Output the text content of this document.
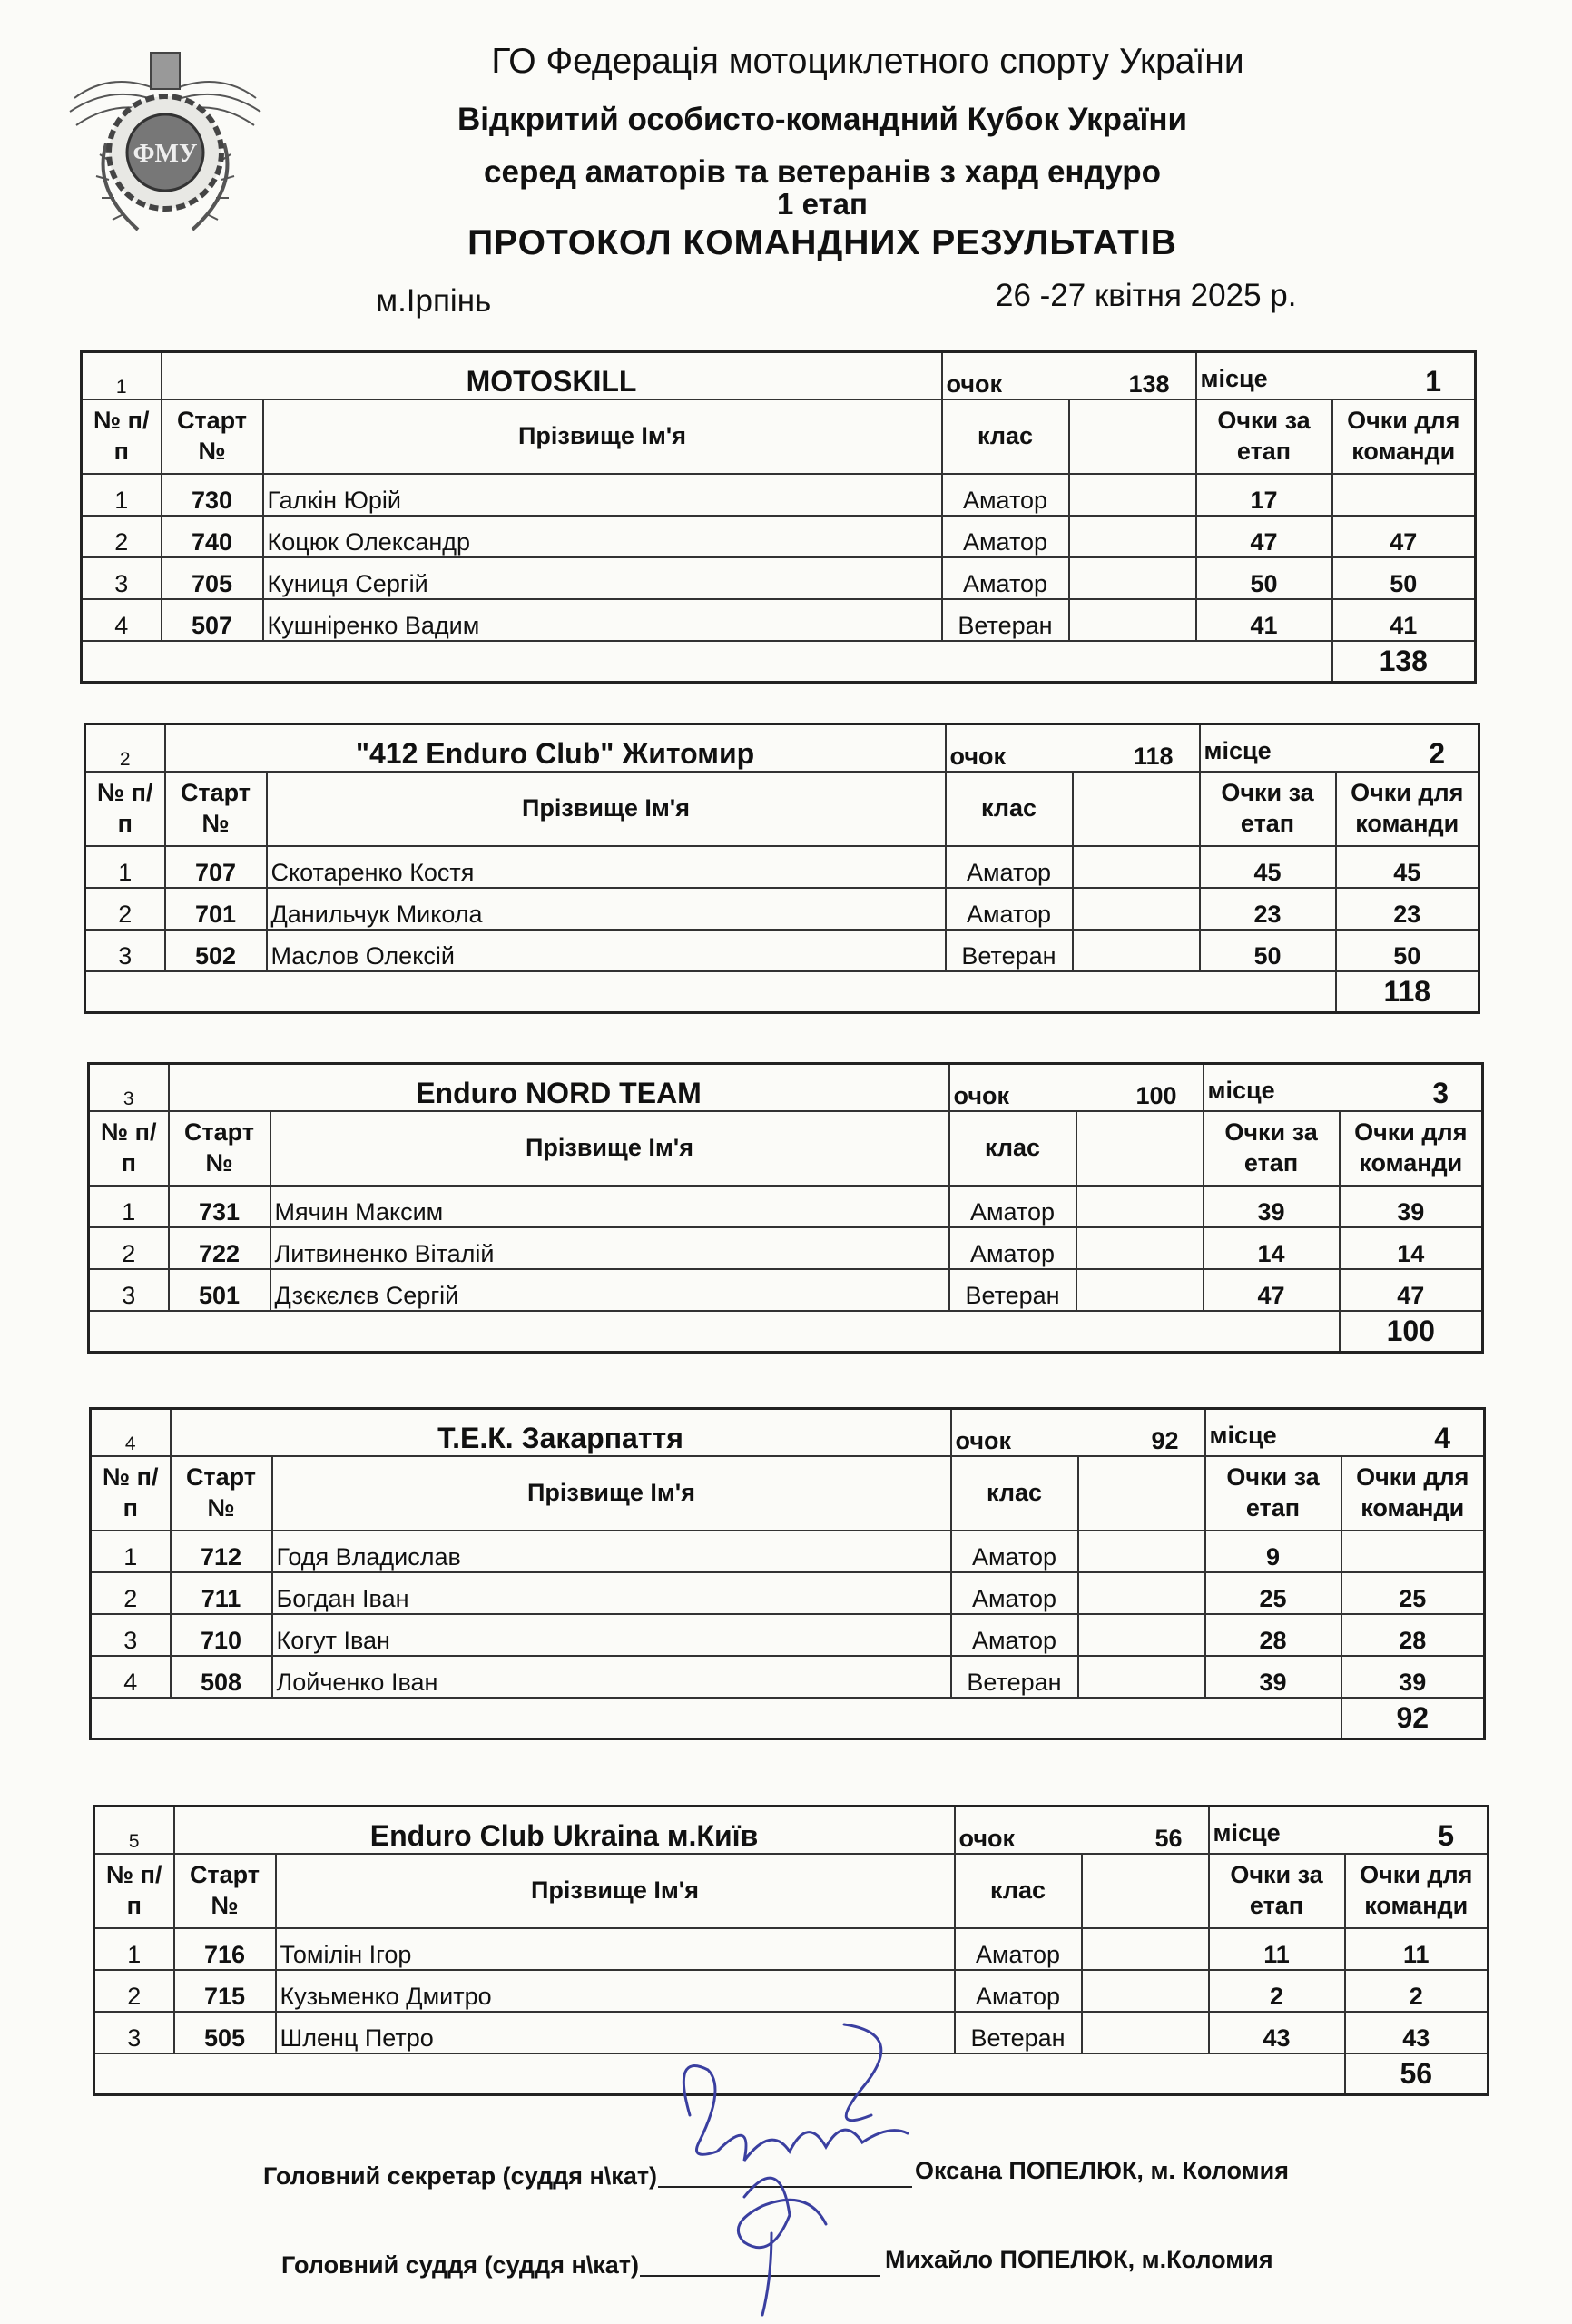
ФМУ
ГО Федерація мотоциклетного спорту України
Відкритий особисто-командний Кубок України
серед аматорів та ветеранів з хард ендуро
1 етап
ПРОТОКОЛ КОМАНДНИХ РЕЗУЛЬТАТІВ
м.Ірпінь	26 -27 квітня 2025 р.
1	MOTOSKILL		очок 138		місце 1	

№ п/п	Старт №	Прізвище Ім'я	клас		Очки за етап	Очки для команди
1	730	Галкін Юрій	Аматор		17	
2	740	Коцюк Олександр	Аматор		47	47
3	705	Куниця Сергій	Аматор		50	50
4	507	Кушніренко Вадим	Ветеран		41	41
						138
2	"412 Enduro Club" Житомир		очок 118		місце 2	

№ п/п	Старт №	Прізвище Ім'я	клас		Очки за етап	Очки для команди
1	707	Скотаренко Костя	Аматор		45	45
2	701	Данильчук Микола	Аматор		23	23
3	502	Маслов Олексій	Ветеран		50	50
						118
3	Enduro NORD TEAM		очок 100		місце 3	

№ п/п	Старт №	Прізвище Ім'я	клас		Очки за етап	Очки для команди
1	731	Мячин Максим	Аматор		39	39
2	722	Литвиненко Віталій	Аматор		14	14
3	501	Дзєкєлєв Сергій	Ветеран		47	47
						100
4	Т.Е.К. Закарпаття		очок 92		місце 4	

№ п/п	Старт №	Прізвище Ім'я	клас		Очки за етап	Очки для команди
1	712	Годя Владислав	Аматор		9	
2	711	Богдан Іван	Аматор		25	25
3	710	Когут Іван	Аматор		28	28
4	508	Лойченко Іван	Ветеран		39	39
						92
5	Enduro Club Ukraina м.Київ		очок 56		місце 5	

№ п/п	Старт №	Прізвище Ім'я	клас		Очки за етап	Очки для команди
1	716	Томілін Ігор	Аматор		11	11
2	715	Кузьменко Дмитро	Аматор		2	2
3	505	Шленц Петро	Ветеран		43	43
						56
Головний секретар (суддя н\кат)	Оксана ПОПЕЛЮК, м. Коломия
Головний суддя (суддя н\кат)	Михайло ПОПЕЛЮК, м.Коломия
